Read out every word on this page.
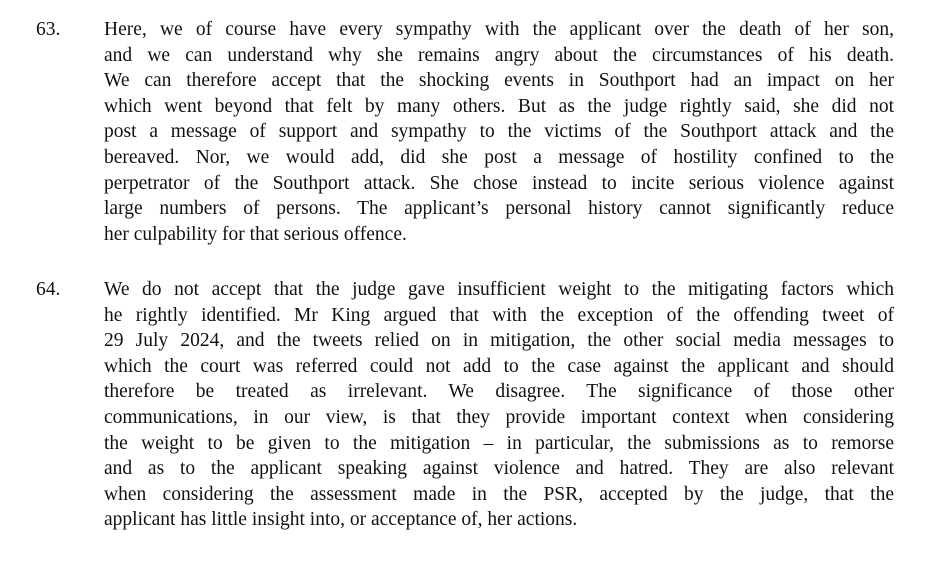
63. Here, we of course have every sympathy with the applicant over the death of her son,
and we can understand why she remains angry about the circumstances of his death.
We can therefore accept that the shocking events in Southport had an impact on her
which went beyond that felt by many others. But as the judge rightly said, she did not
post a message of support and sympathy to the victims of the Southport attack and the
bereaved. Nor, we would add, did she post a message of hostility confined to the
perpetrator of the Southport attack. She chose instead to incite serious violence against
large numbers of persons. The applicant’s personal history cannot significantly reduce
her culpability for that serious offence.
64. We do not accept that the judge gave insufficient weight to the mitigating factors which
he rightly identified. Mr King argued that with the exception of the offending tweet of
29 July 2024, and the tweets relied on in mitigation, the other social media messages to
which the court was referred could not add to the case against the applicant and should
therefore be treated as irrelevant. We disagree. The significance of those other
communications, in our view, is that they provide important context when considering
the weight to be given to the mitigation – in particular, the submissions as to remorse
and as to the applicant speaking against violence and hatred. They are also relevant
when considering the assessment made in the PSR, accepted by the judge, that the
applicant has little insight into, or acceptance of, her actions.
